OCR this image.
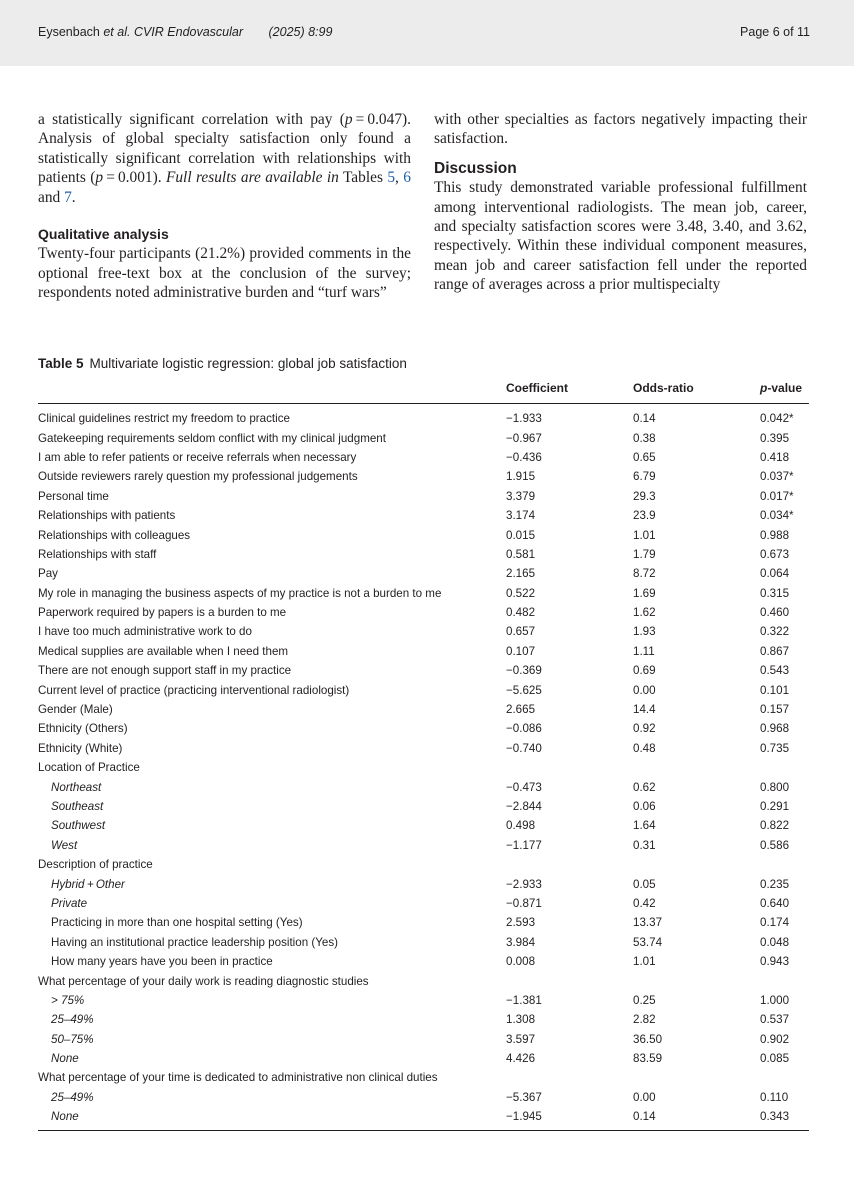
Eysenbach et al. CVIR Endovascular (2025) 8:99	Page 6 of 11

a statistically significant correlation with pay (p = 0.047). Analysis of global specialty satisfaction only found a statistically significant correlation with relationships with patients (p = 0.001). Full results are available in Tables 5, 6 and 7.

Qualitative analysis

Twenty-four participants (21.2%) provided comments in the optional free-text box at the conclusion of the survey; respondents noted administrative burden and “turf wars”

with other specialties as factors negatively impacting their satisfaction.

Discussion

This study demonstrated variable professional fulfillment among interventional radiologists. The mean job, career, and specialty satisfaction scores were 3.48, 3.40, and 3.62, respectively. Within these individual component measures, mean job and career satisfaction fell under the reported range of averages across a prior multispecialty

Table 5 Multivariate logistic regression: global job satisfaction
	Coefficient	Odds-ratio	p-value
Clinical guidelines restrict my freedom to practice	−1.933	0.14	0.042*
Gatekeeping requirements seldom conflict with my clinical judgment	−0.967	0.38	0.395
I am able to refer patients or receive referrals when necessary	−0.436	0.65	0.418
Outside reviewers rarely question my professional judgements	1.915	6.79	0.037*
Personal time	3.379	29.3	0.017*
Relationships with patients	3.174	23.9	0.034*
Relationships with colleagues	0.015	1.01	0.988
Relationships with staff	0.581	1.79	0.673
Pay	2.165	8.72	0.064
My role in managing the business aspects of my practice is not a burden to me	0.522	1.69	0.315
Paperwork required by papers is a burden to me	0.482	1.62	0.460
I have too much administrative work to do	0.657	1.93	0.322
Medical supplies are available when I need them	0.107	1.11	0.867
There are not enough support staff in my practice	−0.369	0.69	0.543
Current level of practice (practicing interventional radiologist)	−5.625	0.00	0.101
Gender (Male)	2.665	14.4	0.157
Ethnicity (Others)	−0.086	0.92	0.968
Ethnicity (White)	−0.740	0.48	0.735
Location of Practice			
Northeast	−0.473	0.62	0.800
Southeast	−2.844	0.06	0.291
Southwest	0.498	1.64	0.822
West	−1.177	0.31	0.586
Description of practice			
Hybrid + Other	−2.933	0.05	0.235
Private	−0.871	0.42	0.640
Practicing in more than one hospital setting (Yes)	2.593	13.37	0.174
Having an institutional practice leadership position (Yes)	3.984	53.74	0.048
How many years have you been in practice	0.008	1.01	0.943
What percentage of your daily work is reading diagnostic studies			
> 75%	−1.381	0.25	1.000
25–49%	1.308	2.82	0.537
50–75%	3.597	36.50	0.902
None	4.426	83.59	0.085
What percentage of your time is dedicated to administrative non clinical duties			
25–49%	−5.367	0.00	0.110
None	−1.945	0.14	0.343
